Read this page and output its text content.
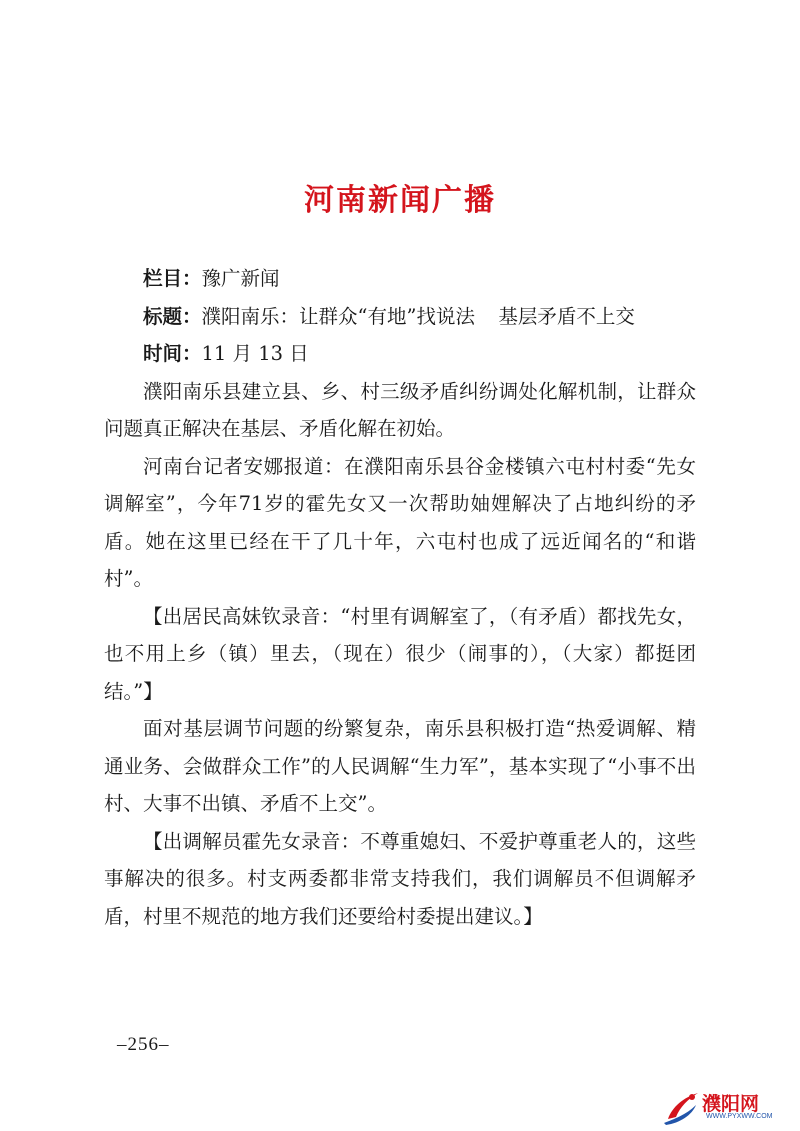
河南新闻广播

栏目：豫广新闻

标题：濮阳南乐：让群众“有地”找说法 基层矛盾不上交

时间：11 月 13 日

濮阳南乐县建立县、乡、村三级矛盾纠纷调处化解机制，让群众问题真正解决在基层、矛盾化解在初始。

河南台记者安娜报道：在濮阳南乐县谷金楼镇六屯村村委“先女调解室”，今年71岁的霍先女又一次帮助妯娌解决了占地纠纷的矛盾。她在这里已经在干了几十年，六屯村也成了远近闻名的“和谐村”。

【出居民高妹钦录音：“村里有调解室了，（有矛盾）都找先女，也不用上乡（镇）里去，（现在）很少（闹事的），（大家）都挺团结。”】

面对基层调节问题的纷繁复杂，南乐县积极打造“热爱调解、精通业务、会做群众工作”的人民调解“生力军”，基本实现了“小事不出村、大事不出镇、矛盾不上交”。

【出调解员霍先女录音：不尊重媳妇、不爱护尊重老人的，这些事解决的很多。村支两委都非常支持我们，我们调解员不但调解矛盾，村里不规范的地方我们还要给村委提出建议。】

–256–
濮阳网
WWW.PYXWW.COM
